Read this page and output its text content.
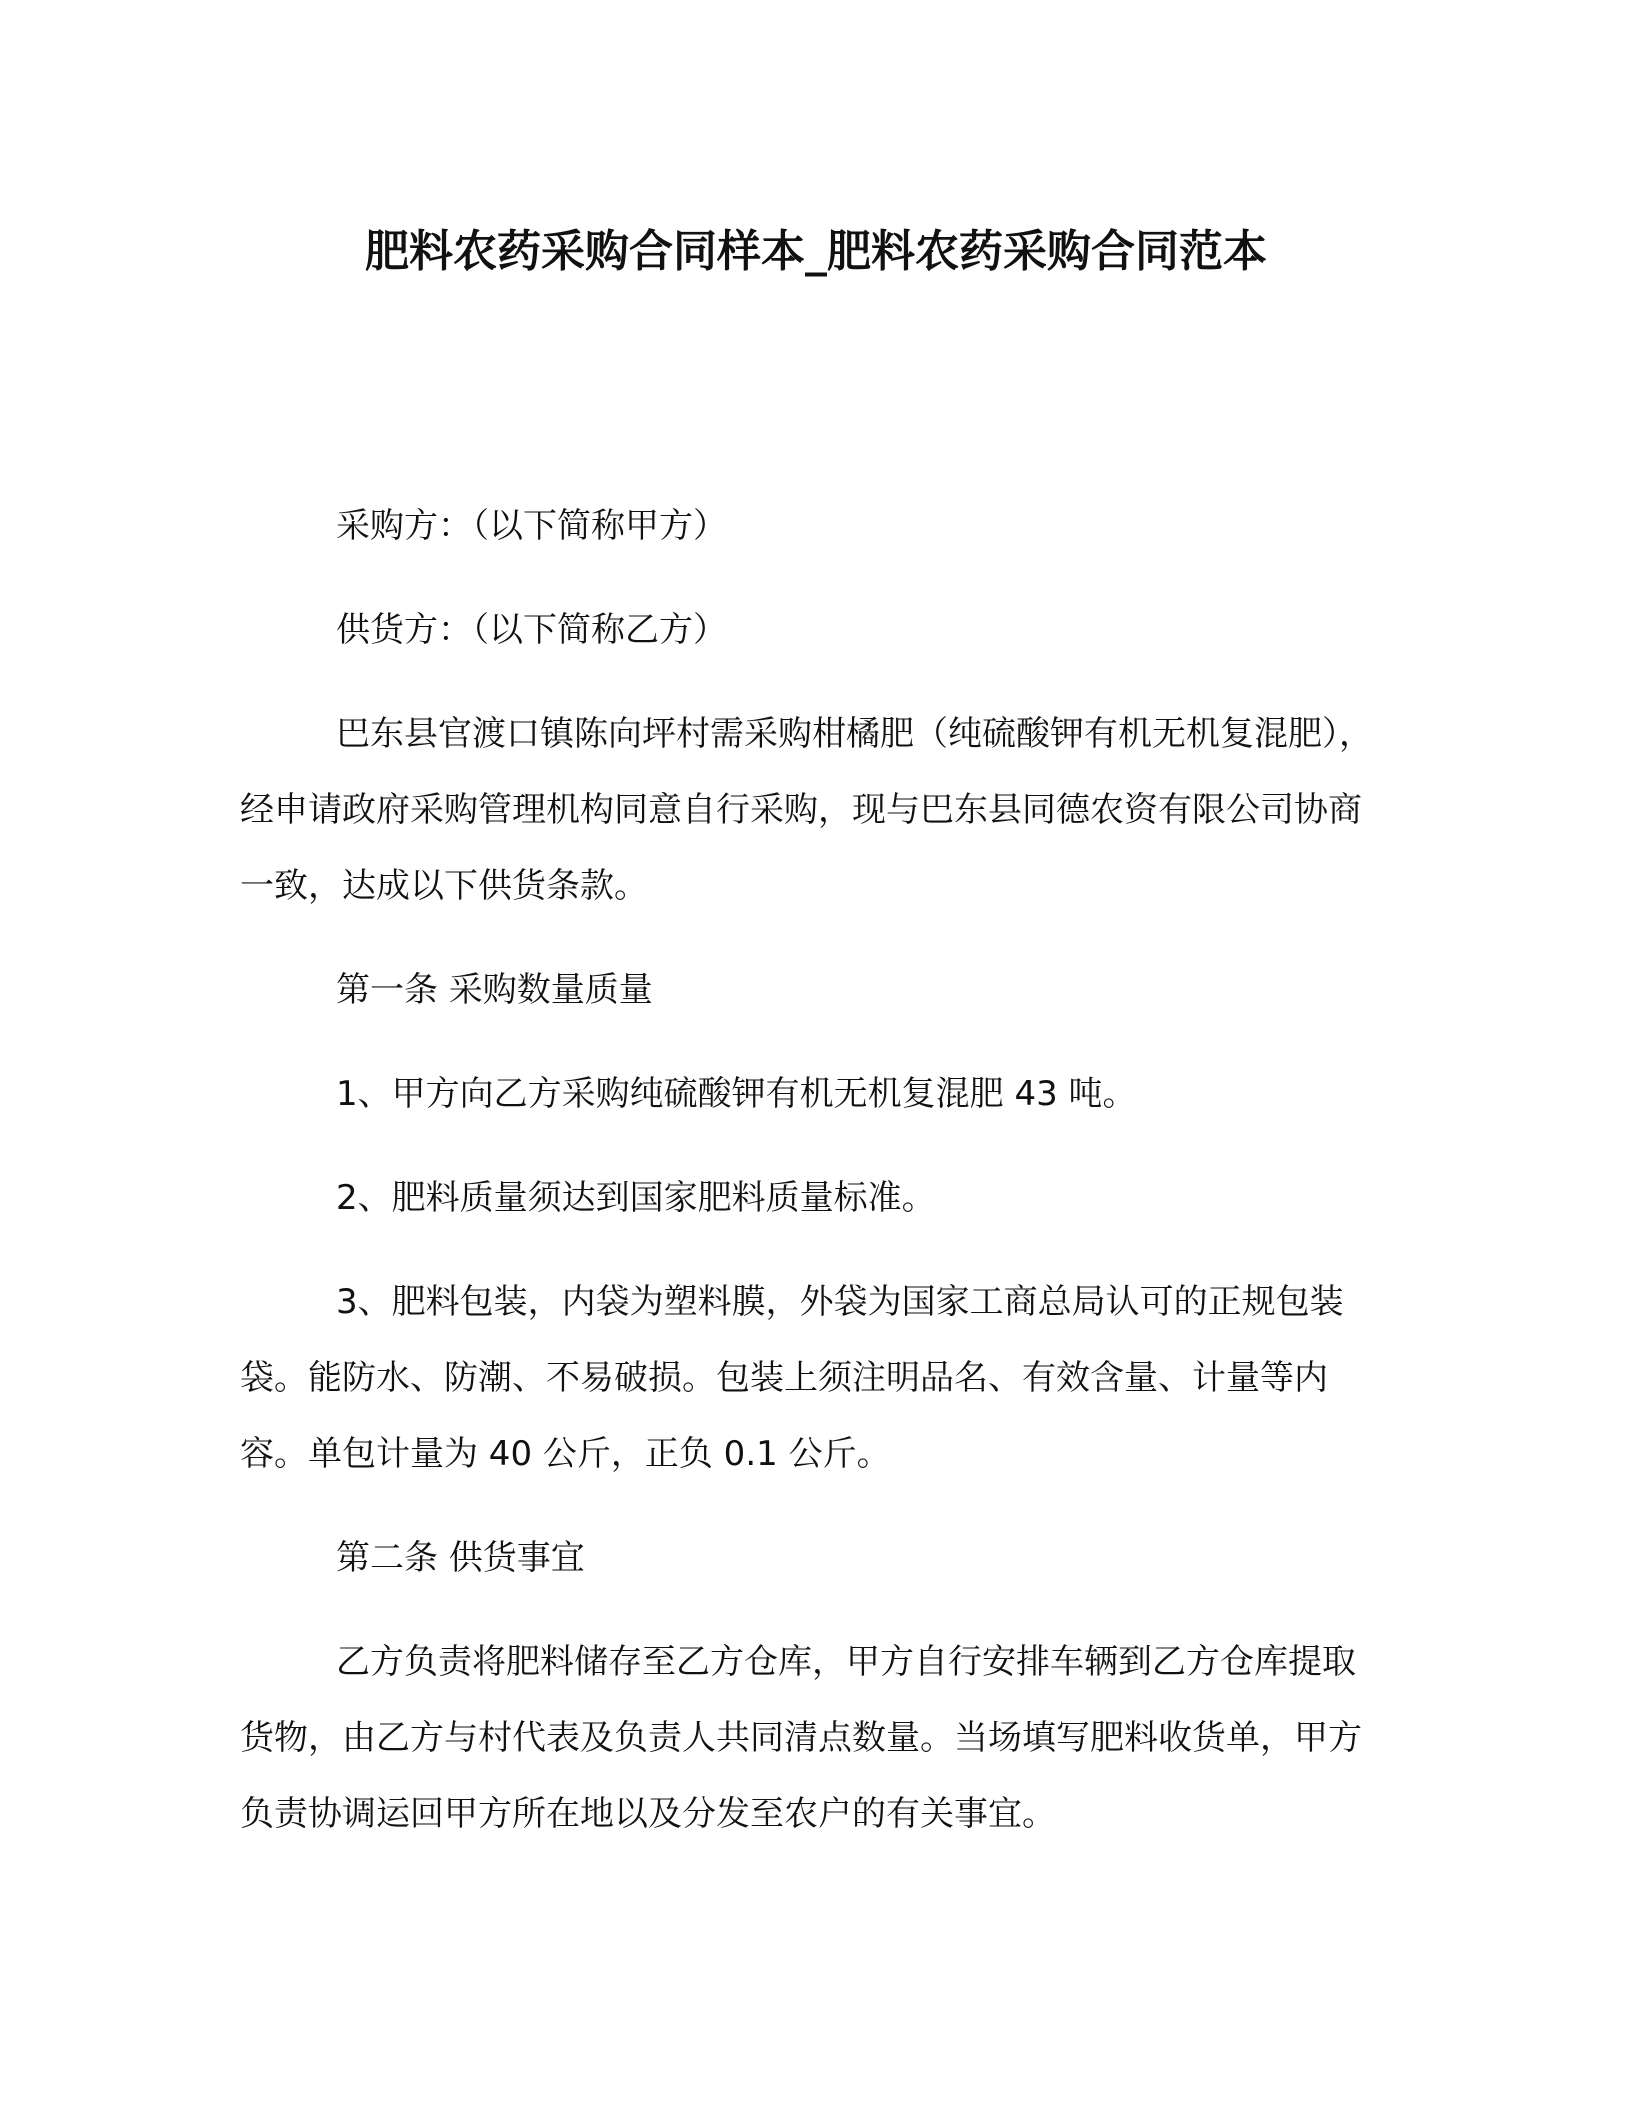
肥料农药采购合同样本_肥料农药采购合同范本

采购方：（以下简称甲方）

供货方：（以下简称乙方）

巴东县官渡口镇陈向坪村需采购柑橘肥（纯硫酸钾有机无机复混肥），经申请政府采购管理机构同意自行采购，现与巴东县同德农资有限公司协商一致，达成以下供货条款。

第一条 采购数量质量

1、甲方向乙方采购纯硫酸钾有机无机复混肥 43 吨。

2、肥料质量须达到国家肥料质量标准。

3、肥料包装，内袋为塑料膜，外袋为国家工商总局认可的正规包装袋。能防水、防潮、不易破损。包装上须注明品名、有效含量、计量等内容。单包计量为 40 公斤，正负 0.1 公斤。

第二条 供货事宜

乙方负责将肥料储存至乙方仓库，甲方自行安排车辆到乙方仓库提取货物，由乙方与村代表及负责人共同清点数量。当场填写肥料收货单，甲方负责协调运回甲方所在地以及分发至农户的有关事宜。
